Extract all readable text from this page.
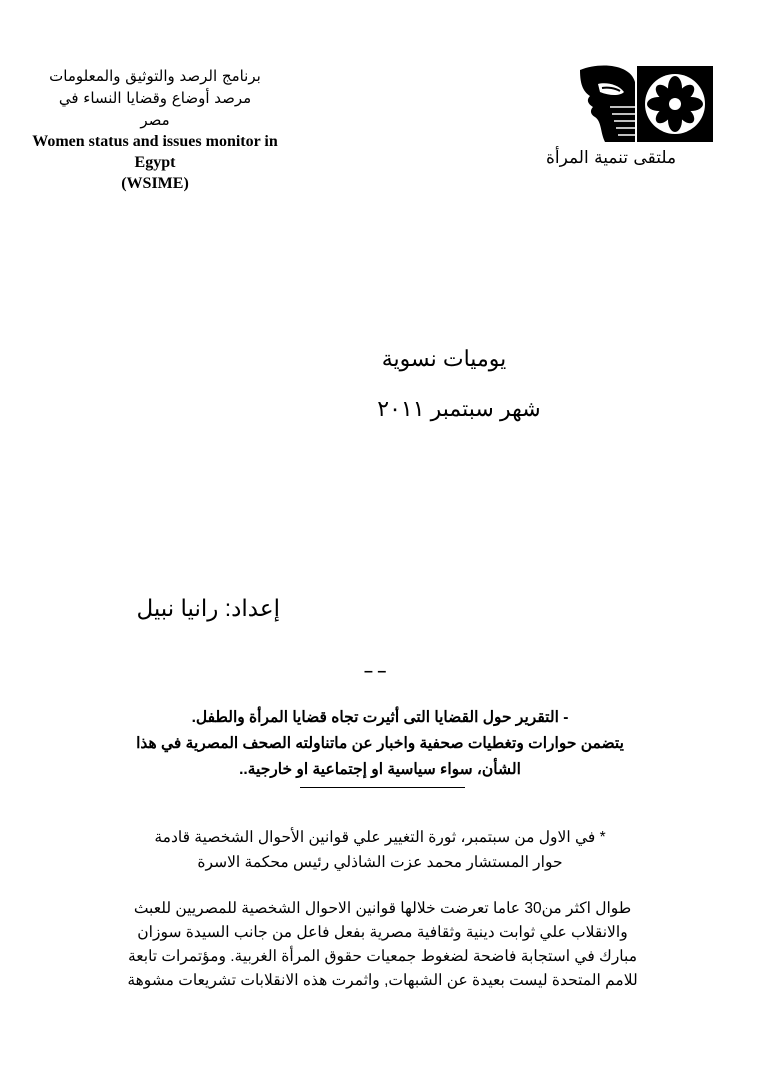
برنامج الرصد والتوثيق والمعلومات
مرصد أوضاع وقضايا النساء في
مصر
Women status and issues monitor in
Egypt
(WSIME)
ملتقى تنمية المرأة
يوميات نسوية
شهر سبتمبر ٢٠١١
إعداد: رانيا نبيل
– –
- التقرير حول القضايا التى أثيرت تجاه قضايا المرأة والطفل.
يتضمن حوارات وتغطيات صحفية واخبار عن ماتناولته الصحف المصرية في هذا
الشأن، سواء سياسية او إجتماعية او خارجية..
* في الاول من سبتمبر، ثورة التغيير علي قوانين الأحوال الشخصية قادمة
حوار المستشار محمد عزت الشاذلي رئيس محكمة الاسرة
طوال اكثر من30 عاما تعرضت خلالها قوانين الاحوال الشخصية للمصريين للعبث
والانقلاب علي ثوابت دينية وثقافية مصرية بفعل فاعل من جانب السيدة سوزان
مبارك في استجابة فاضحة لضغوط جمعيات حقوق المرأة الغربية. ومؤتمرات تابعة
للامم المتحدة ليست بعيدة عن الشبهات, واثمرت هذه الانقلابات تشريعات مشوهة
